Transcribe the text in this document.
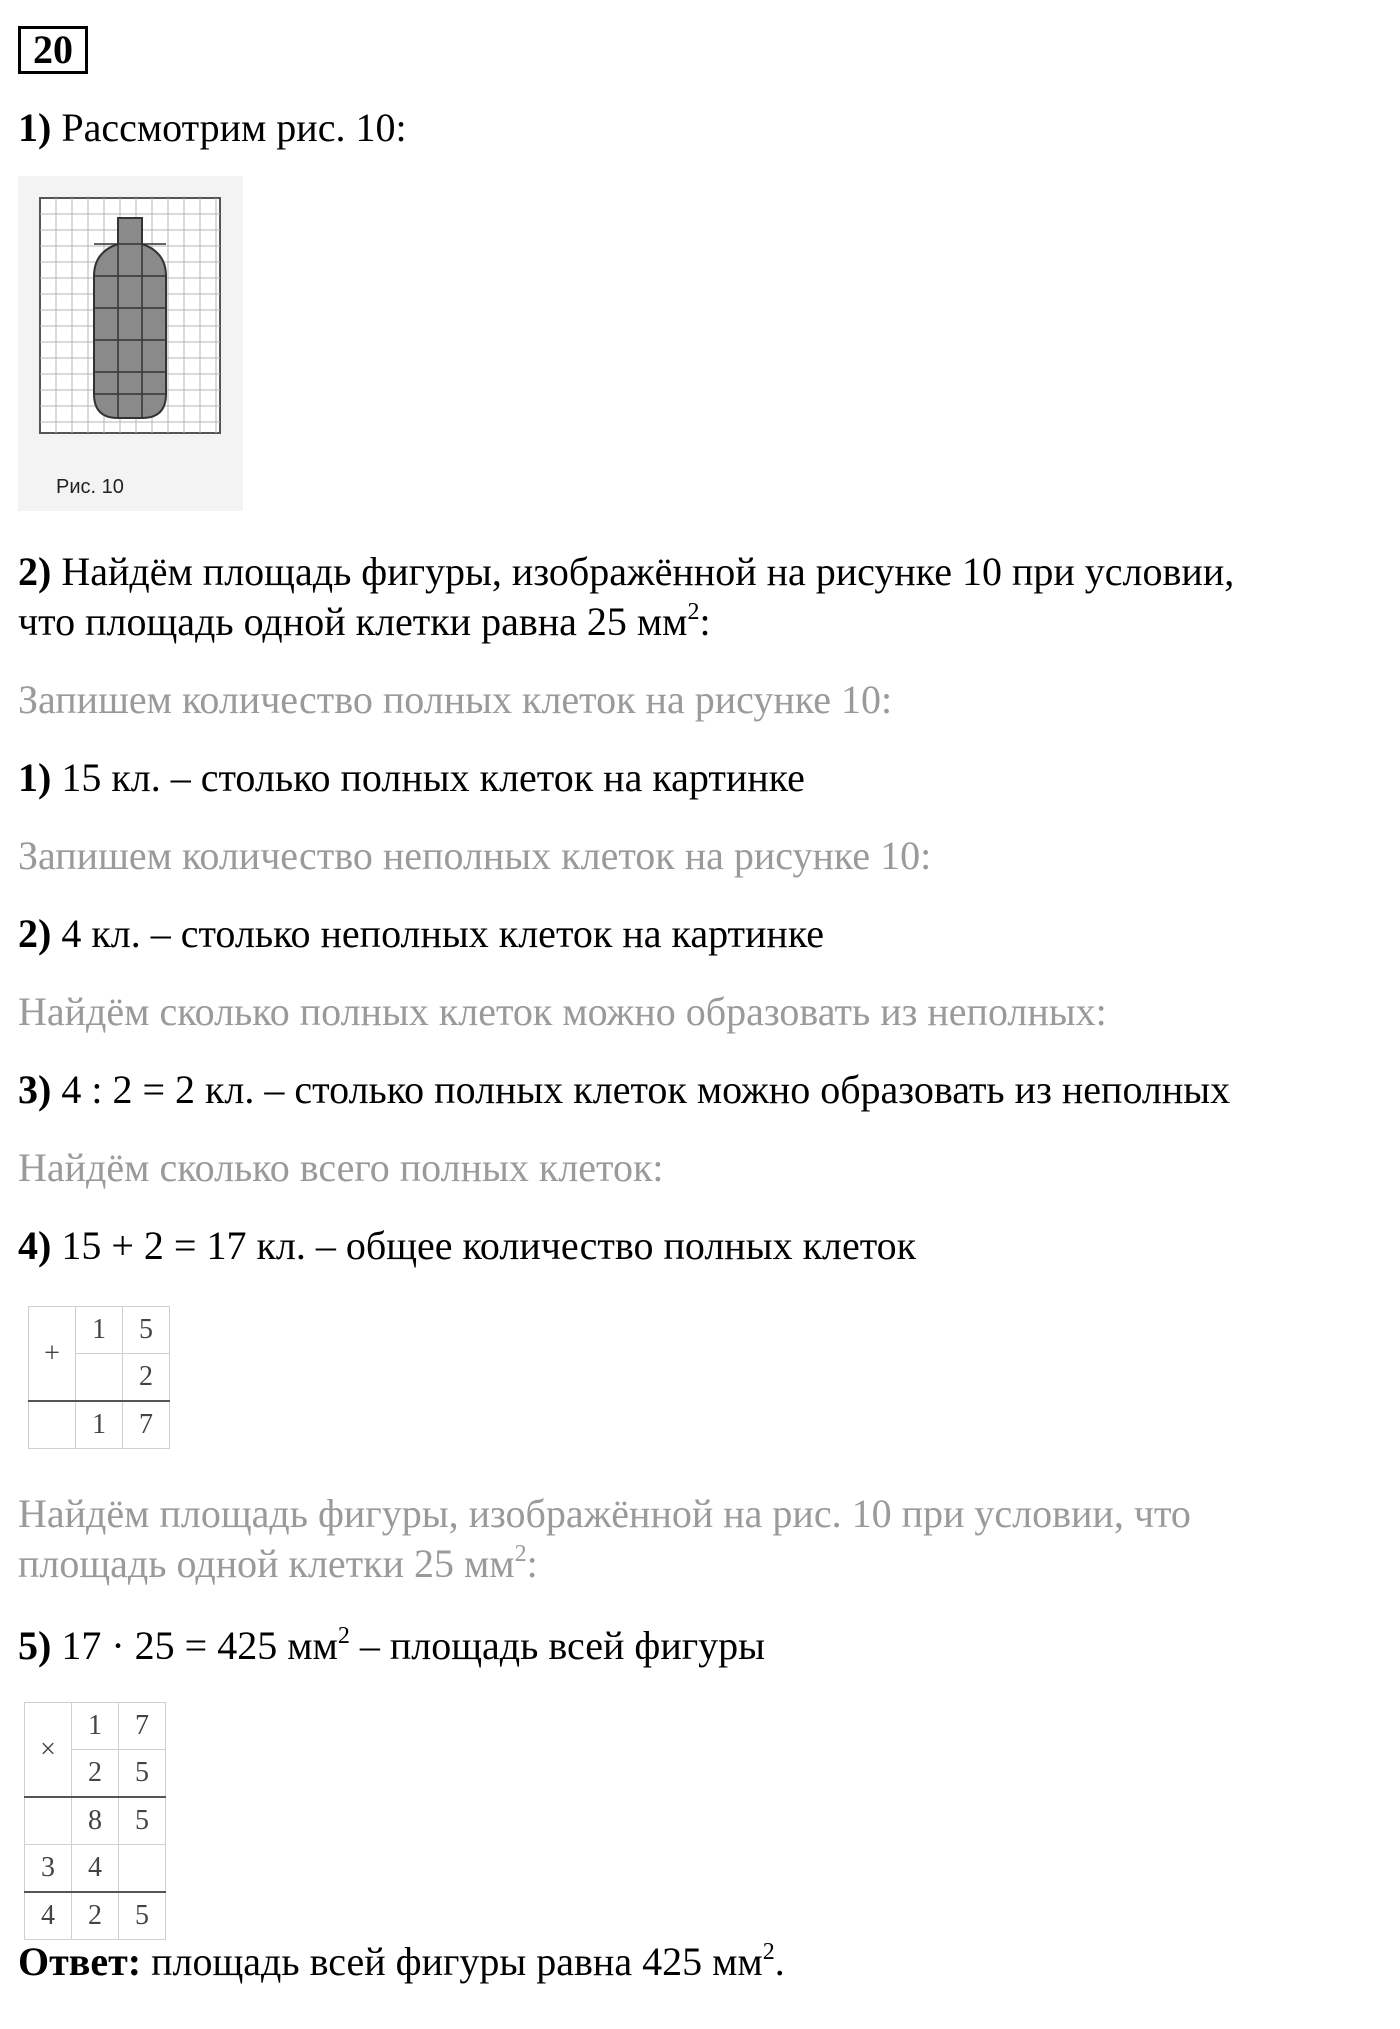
20
1) Рассмотрим рис. 10:
Рис. 10
2) Найдём площадь фигуры, изображённой на рисунке 10 при условии,
что площадь одной клетки равна 25 $мм^2$:
Запишем количество полных клеток на рисунке 10:
1) 15 кл. – столько полных клеток на картинке
Запишем количество неполных клеток на рисунке 10:
2) 4 кл. – столько неполных клеток на картинке
Найдём сколько полных клеток можно образовать из неполных:
3) 4 : 2 = 2 кл. – столько полных клеток можно образовать из неполных
Найдём сколько всего полных клеток:
4) 15 + 2 = 17 кл. – общее количество полных клеток
+	1	5
		2
	1	7
Найдём площадь фигуры, изображённой на рис. 10 при условии, что
площадь одной клетки 25 $мм^2$:
5) 17 · 25 = 425 $мм^2$ – площадь всей фигуры
×	1	7
	2	5
	8	5
3	4	
4	2	5
Ответ: площадь всей фигуры равна 425 $мм^2$.
